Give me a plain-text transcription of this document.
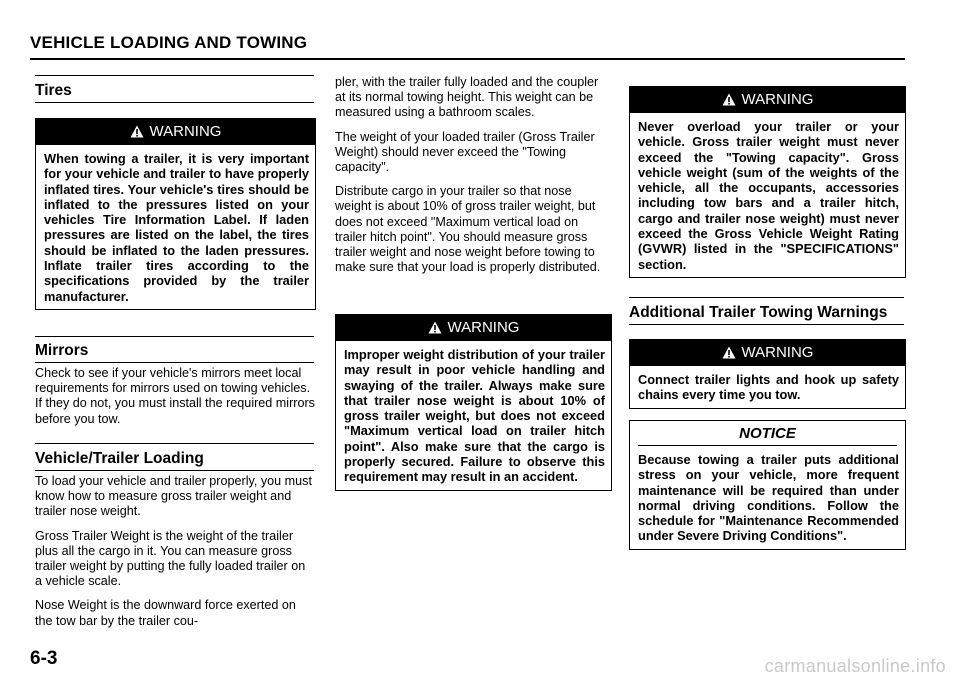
VEHICLE LOADING AND TOWING
Tires
WARNING
When towing a trailer, it is very important for your vehicle and trailer to have properly inflated tires. Your vehicle's tires should be inflated to the pressures listed on your vehicles Tire Information Label. If laden pressures are listed on the label, the tires should be inflated to the laden pressures. Inflate trailer tires according to the specifications provided by the trailer manufacturer.
Mirrors

Check to see if your vehicle's mirrors meet local requirements for mirrors used on towing vehicles. If they do not, you must install the required mirrors before you tow.

Vehicle/Trailer Loading

To load your vehicle and trailer properly, you must know how to measure gross trailer weight and trailer nose weight.

Gross Trailer Weight is the weight of the trailer plus all the cargo in it. You can measure gross trailer weight by putting the fully loaded trailer on a vehicle scale.

Nose Weight is the downward force exerted on the tow bar by the trailer cou-

pler, with the trailer fully loaded and the coupler at its normal towing height. This weight can be measured using a bathroom scales.

The weight of your loaded trailer (Gross Trailer Weight) should never exceed the "Towing capacity".

Distribute cargo in your trailer so that nose weight is about 10% of gross trailer weight, but does not exceed "Maximum vertical load on trailer hitch point". You should measure gross trailer weight and nose weight before towing to make sure that your load is properly distributed.

WARNING
Improper weight distribution of your trailer may result in poor vehicle handling and swaying of the trailer. Always make sure that trailer nose weight is about 10% of gross trailer weight, but does not exceed "Maximum vertical load on trailer hitch point". Also make sure that the cargo is properly secured. Failure to observe this requirement may result in an accident.
WARNING
Never overload your trailer or your vehicle. Gross trailer weight must never exceed the "Towing capacity". Gross vehicle weight (sum of the weights of the vehicle, all the occupants, accessories including tow bars and a trailer hitch, cargo and trailer nose weight) must never exceed the Gross Vehicle Weight Rating (GVWR) listed in the "SPECIFICATIONS" section.
Additional Trailer Towing Warnings
WARNING
Connect trailer lights and hook up safety chains every time you tow.
NOTICE
Because towing a trailer puts additional stress on your vehicle, more frequent maintenance will be required than under normal driving conditions. Follow the schedule for "Maintenance Recommended under Severe Driving Conditions".
6-3	carmanualsonline.info
